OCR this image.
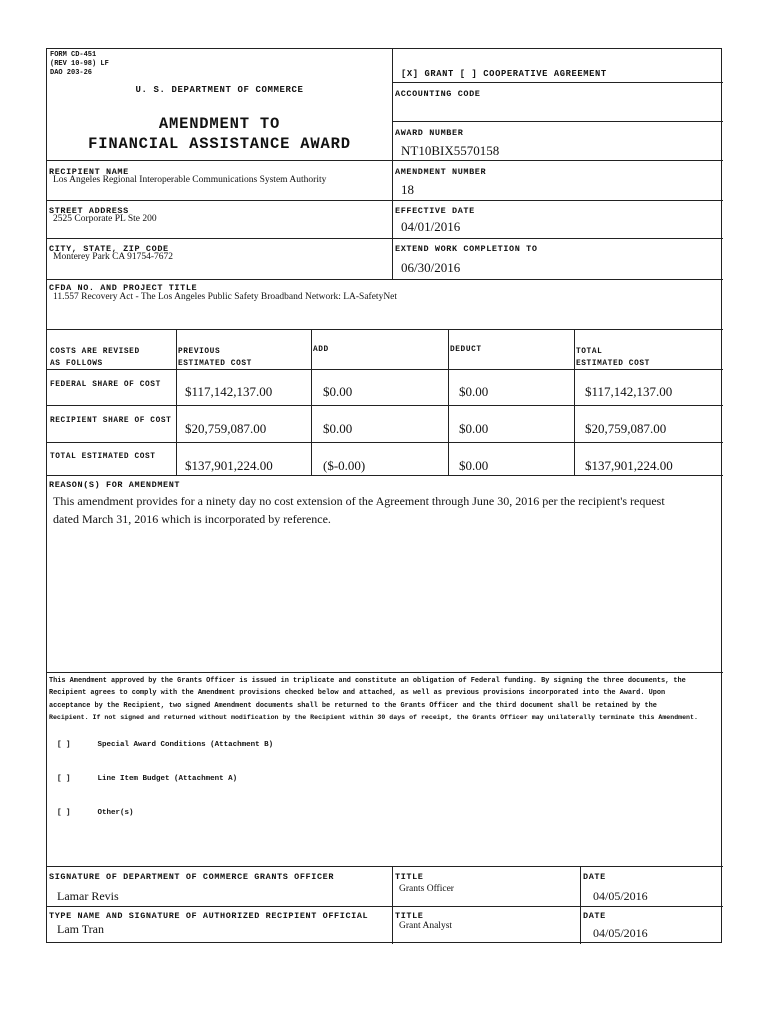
FORM CD-451
(REV 10-98) LF
DAO 203-26
U. S. DEPARTMENT OF COMMERCE
AMENDMENT TO
FINANCIAL ASSISTANCE AWARD
[X] GRANT [ ] COOPERATIVE AGREEMENT
ACCOUNTING CODE
AWARD NUMBER
NT10BIX5570158
RECIPIENT NAME
Los Angeles Regional Interoperable Communications System Authority
AMENDMENT NUMBER
18
STREET ADDRESS
2525 Corporate PL Ste 200
EFFECTIVE DATE
04/01/2016
CITY, STATE, ZIP CODE
Monterey Park CA 91754-7672
EXTEND WORK COMPLETION TO
06/30/2016
CFDA NO. AND PROJECT TITLE
11.557 Recovery Act - The Los Angeles Public Safety Broadband Network: LA-SafetyNet
COSTS ARE REVISED
AS FOLLOWS
PREVIOUS
ESTIMATED COST
ADD	DEDUCT	TOTAL
ESTIMATED COST
FEDERAL SHARE OF COST $117,142,137.00	$0.00	$0.00	$117,142,137.00
RECIPIENT SHARE OF COST $20,759,087.00	$0.00	$0.00	$20,759,087.00
TOTAL ESTIMATED COST
$137,901,224.00	($-0.00)	$0.00	$137,901,224.00
REASON(S) FOR AMENDMENT
This amendment provides for a ninety day no cost extension of the Agreement through June 30, 2016 per the recipient's request
dated March 31, 2016 which is incorporated by reference.
This Amendment approved by the Grants Officer is issued in triplicate and constitute an obligation of Federal funding. By signing the three documents, the
Recipient agrees to comply with the Amendment provisions checked below and attached, as well as previous provisions incorporated into the Award. Upon
acceptance by the Recipient, two signed Amendment documents shall be returned to the Grants Officer and the third document shall be retained by the
Recipient. If not signed and returned without modification by the Recipient within 30 days of receipt, the Grants Officer may unilaterally terminate this Amendment.
[ ]	Special Award Conditions (Attachment B)
[ ]	Line Item Budget (Attachment A)
[ ]	Other(s)
SIGNATURE OF DEPARTMENT OF COMMERCE GRANTS OFFICER
Lamar Revis
TITLE
Grants Officer
DATE
04/05/2016
TYPE NAME AND SIGNATURE OF AUTHORIZED RECIPIENT OFFICIAL
Lam Tran
TITLE
Grant Analyst
DATE
04/05/2016
